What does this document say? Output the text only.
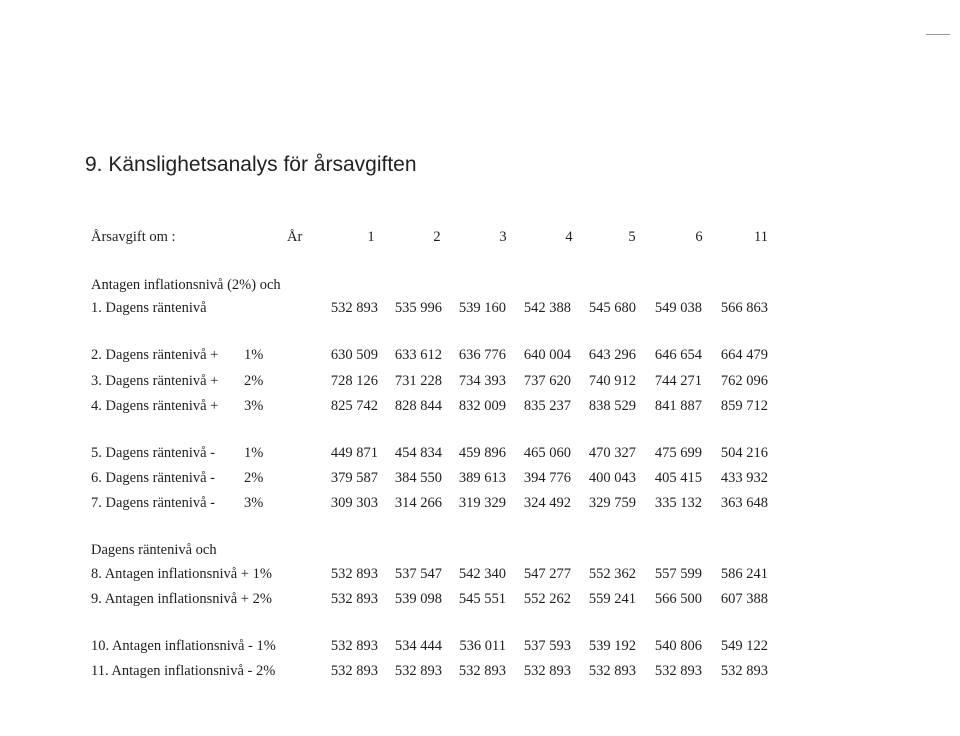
9. Känslighetsanalys för årsavgiften
Årsavgift om :	År	1	2	3	4	5	6	11
Antagen inflationsnivå (2%) och
1. Dagens räntenivå	532 893	535 996	539 160	542 388	545 680	549 038	566 863
2. Dagens räntenivå + 1%	630 509	633 612	636 776	640 004	643 296	646 654	664 479
3. Dagens räntenivå + 2%	728 126	731 228	734 393	737 620	740 912	744 271	762 096
4. Dagens räntenivå + 3%	825 742	828 844	832 009	835 237	838 529	841 887	859 712
5. Dagens räntenivå - 1%	449 871	454 834	459 896	465 060	470 327	475 699	504 216
6. Dagens räntenivå - 2%	379 587	384 550	389 613	394 776	400 043	405 415	433 932
7. Dagens räntenivå - 3%	309 303	314 266	319 329	324 492	329 759	335 132	363 648
Dagens räntenivå och
8. Antagen inflationsnivå + 1%	532 893	537 547	542 340	547 277	552 362	557 599	586 241
9. Antagen inflationsnivå + 2%	532 893	539 098	545 551	552 262	559 241	566 500	607 388
10. Antagen inflationsnivå - 1%	532 893	534 444	536 011	537 593	539 192	540 806	549 122
11. Antagen inflationsnivå - 2%	532 893	532 893	532 893	532 893	532 893	532 893	532 893
